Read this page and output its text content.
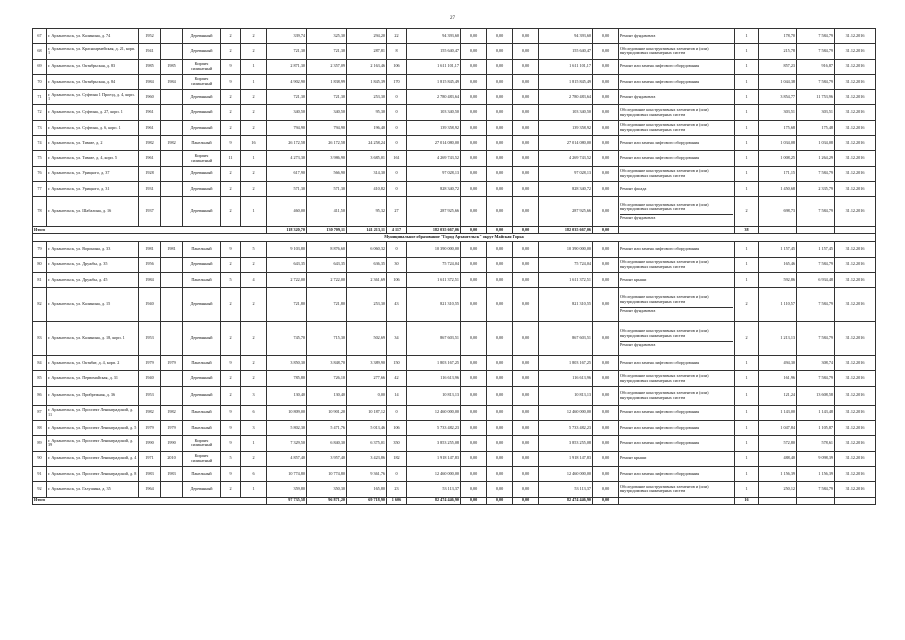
27
67	г. Архангельск, ул. Калинина, д. 74	1952		Деревянный	2	2	339,74	325,30	294,20	22	94 393,60	0,00	0,00	0,00	94 393,60	0,00	Ремонт фундамента	1	178,70	7 584,79	31.12.2016
68	г. Архангельск, ул. Красноармейская, д. 21, корп. 1	1941		Деревянный	2	2	721,30	721,30	287,81	8	155 640,47	0,00	0,00	0,00	155 640,47	0,00	Обследование конструктивных элементов и (или) внутридомовых инженерных систем	1	215,78	7 584,79	31.12.2016
69	г. Архангельск, ул. Октябрьская, д. 83	1985	1985	Кирпич силикатный	9	1	2 871,30	2 357,09	2 163,46	106	1 611 101,17	0,00	0,00	0,00	1 611 101,17	0,00	Ремонт или замена лифтового оборудования	1	857,23	916,87	31.12.2016
70	г. Архангельск, ул. Октябрьская, д. 84	1984	1984	Кирпич силикатный	9	1	4 902,90	1 838,99	1 845,39	170	1 815 845,49	0,00	0,00	0,00	1 815 845,49	0,00	Ремонт или замена лифтового оборудования	1	1 044,38	7 584,79	31.12.2016
71	г. Архангельск, ул. Суфтина 1 Проезд, д. 4, корп. 1	1960		Деревянный	2	2	721,30	721,30	253,30	0	2 780 483,64	0,00	0,00	0,00	2 780 483,64	0,00	Ремонт фундамента	1	3 854,77	11 753,96	31.12.2016
72	г. Архангельск, ул. Суфтина, д. 27, корп. 1	1961		Деревянный	2	2	340,50	340,50	95,30	0	103 340,50	0,00	0,00	0,00	103 340,50	0,00	Обследование конструктивных элементов и (или) внутридомовых инженерных систем	1	303,51	303,51	31.12.2016
73	г. Архангельск, ул. Суфтина, д. 6, корп. 1	1961		Деревянный	2	2	794,90	794,90	196,40	0	139 358,92	0,00	0,00	0,00	139 358,92	0,00	Обследование конструктивных элементов и (или) внутридомовых инженерных систем	1	175,68	175,48	31.12.2016
74	г. Архангельск, ул. Тимме, д. 2	1982	1982	Панельный	9	16	26 172,58	26 172,58	24 258,24	0	27 014 080,00	0,00	0,00	0,00	27 014 080,00	0,00	Ремонт или замена лифтового оборудования	1	1 034,08	1 034,08	31.12.2016
75	г. Архангельск, ул. Тимме, д. 4, корп. 5	1961		Кирпич силикатный	11	1	4 273,30	3 986,90	3 685,01	161	4 269 743,52	0,00	0,00	0,00	4 269 743,52	0,00	Ремонт или замена лифтового оборудования	1	1 008,25	1 264,29	31.12.2016
76	г. Архангельск, ул. Урицкого, д. 37	1928		Деревянный	2	2	617,90	566,90	314,30	0	97 028,13	0,00	0,00	0,00	97 028,13	0,00	Обследование конструктивных элементов и (или) внутридомовых инженерных систем	1	171,15	7 584,79	31.12.2016
77	г. Архангельск, ул. Урицкого, д. 31	1931		Деревянный	2	2	571,30	571,30	410,82	0	828 340,72	0,00	0,00	0,00	828 340,72	0,00	Ремонт фасада	1	1 450,68	2 335,79	31.12.2016
78	г. Архангельск, ул. Шабалина, д. 16	1937		Деревянный	2	1	460,00	411,50	95,32	27	287 925,66	0,00	0,00	0,00	287 925,66	0,00	Обследование конструктивных элементов и (или) внутридомовых инженерных систем
Ремонт фундамента	2	698,73	7 584,79	31.12.2016
Итого							118 320,70	130 709,11	141 213,11	4 117	182 035 667,06	0,00	0,00	0,00	182 035 667,06	0,00		38			
Муниципальное образование "Город Архангельск" округ Майская Горка																					
79	г. Архангельск, ул. Воронина, д. 33	1981	1981	Панельный	9	5	9 103,80	8 876,60	6 060,32	0	10 390 000,00	0,00	0,00	0,00	10 390 000,00	0,00	Ремонт или замена лифтового оборудования	1	1 157,45	1 157,45	31.12.2016
80	г. Архангельск, ул. Дружбы, д. 35	1956		Деревянный	2	2	643,35	643,35	636,35	30	75 724,04	0,00	0,00	0,00	75 724,04	0,00	Обследование конструктивных элементов и (или) внутридомовых инженерных систем	1	165,46	7 584,79	31.12.2016
81	г. Архангельск, ул. Дружбы, д. 45	1984		Панельный	5	4	2 722,00	2 722,00	2 361,69	106	1 611 372,51	0,00	0,00	0,00	1 611 372,51	0,00	Ремонт крыши	1	592,86	6 934,48	31.12.2016
82	г. Архангельск, ул. Калинина, д. 15	1940		Деревянный	2	2	721,80	721,80	253,30	43	821 310,55	0,00	0,00	0,00	821 310,55	0,00	Обследование конструктивных элементов и (или) внутридомовых инженерных систем
Ремонт фундамента	2	1 110,57	7 584,79	31.12.2016
83	г. Архангельск, ул. Калинина, д. 18, корп. 1	1953		Деревянный	2	2	745,70	715,30	502,69	34	867 603,51	0,00	0,00	0,00	867 603,51	0,00	Обследование конструктивных элементов и (или) внутридомовых инженерных систем
Ремонт фундамента	2	1 213,13	7 584,79	31.12.2016
84	г. Архангельск, ул. Октябят, д. 4, корп. 2	1979	1979	Панельный	9	2	3 850,30	3 848,70	3 389,90	150	1 803 167,25	0,00	0,00	0,00	1 803 167,25	0,00	Ремонт или замена лифтового оборудования	1	494,30	308,74	31.12.2016
85	г. Архангельск, ул. Первомайская, д. 31	1940		Деревянный	2	2	785,80	726,10	277,66	42	116 613,96	0,00	0,00	0,00	116 613,96	0,00	Обследование конструктивных элементов и (или) внутридомовых инженерных систем	1	161,96	7 584,79	31.12.2016
86	г. Архангельск, ул. Прибрежная, д. 36	1953		Деревянный	2	3	130,40	130,40	0,00	14	10 813,13	0,00	0,00	0,00	10 813,13	0,00	Обследование конструктивных элементов и (или) внутридомовых инженерных систем	1	121,24	13 608,58	31.12.2016
87	г. Архангельск, ул. Проспект Ленинградский, д. 11	1982	1982	Панельный	9	6	10 809,00	10 901,20	10 187,12	0	12 460 000,00	0,00	0,00	0,00	12 460 000,00	0,00	Ремонт или замена лифтового оборудования	1	1 143,00	1 143,48	31.12.2016
88	г. Архангельск, ул. Проспект Ленинградский, д. 5	1979	1979	Панельный	9	3	5 802,30	5 471,76	5 013,46	106	5 733 482,23	0,00	0,00	0,00	5 733 482,23	0,00	Ремонт или замена лифтового оборудования	1	1 047,84	1 105,87	31.12.2016
89	г. Архангельск, ул. Проспект Ленинградский, д. 39	1990	1990	Кирпич силикатный	9	1	7 329,50	6 840,30	6 375,01	350	3 853 255,08	0,00	0,00	0,00	3 853 255,08	0,00	Ремонт или замена лифтового оборудования	1	572,80	578,61	31.12.2016
90	г. Архангельск, ул. Проспект Ленинградский, д. 4	1971	2010	Кирпич силикатный	5	2	4 857,40	3 957,40	3 423,86	182	1 918 147,83	0,00	0,00	0,00	1 918 147,83	0,00	Ремонт крыши	1	488,40	9 098,39	31.12.2016
91	г. Архангельск, ул. Проспект Ленинградский, д. 8	1983	1983	Панельный	9	6	10 774,80	10 774,80	9 361,76	0	12 460 000,00	0,00	0,00	0,00	12 460 000,00	0,00	Ремонт или замена лифтового оборудования	1	1 156,39	1 156,39	31.12.2016
92	г. Архангельск, ул. Галушина, д. 35	1964		Деревянный	2	1	359,80	350,30	165,80	23	53 113,37	0,00	0,00	0,00	53 113,37	0,00	Обследование конструктивных элементов и (или) внутридомовых инженерных систем	1	250,12	7 584,79	31.12.2016
Итого							97 735,58	96 871,20	69 718,90	1 606	82 474 446,90	0,00	0,00	0,00	82 474 446,90	0,00		16			
